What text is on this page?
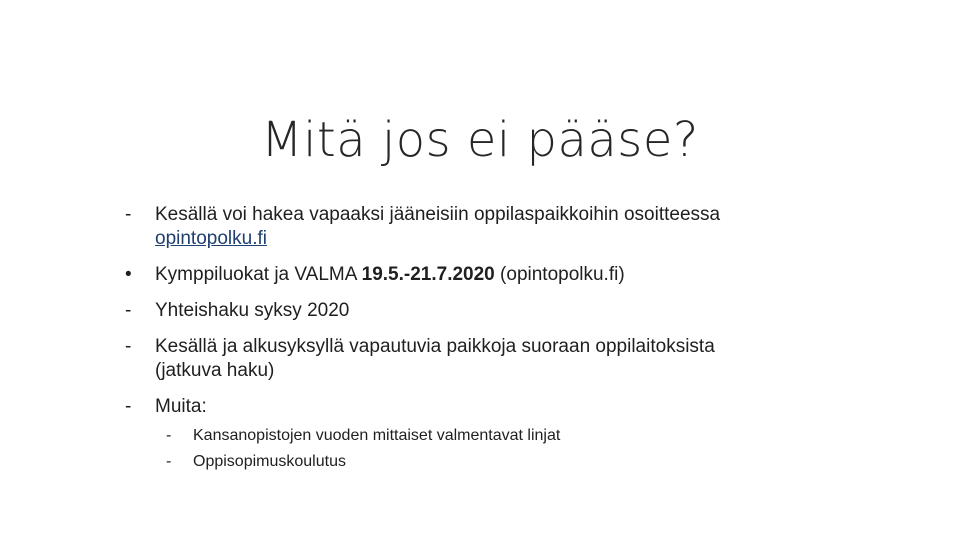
Mitä jos ei pääse?
-	Kesällä voi hakea vapaaksi jääneisiin oppilaspaikkoihin osoitteessa
opintopolku.fi
•	Kymppiluokat ja VALMA 19.5.-21.7.2020 (opintopolku.fi)
-	Yhteishaku syksy 2020
-	Kesällä ja alkusyksyllä vapautuvia paikkoja suoraan oppilaitoksista
(jatkuva haku)
-	Muita:
-	Kansanopistojen vuoden mittaiset valmentavat linjat
-	Oppisopimuskoulutus
